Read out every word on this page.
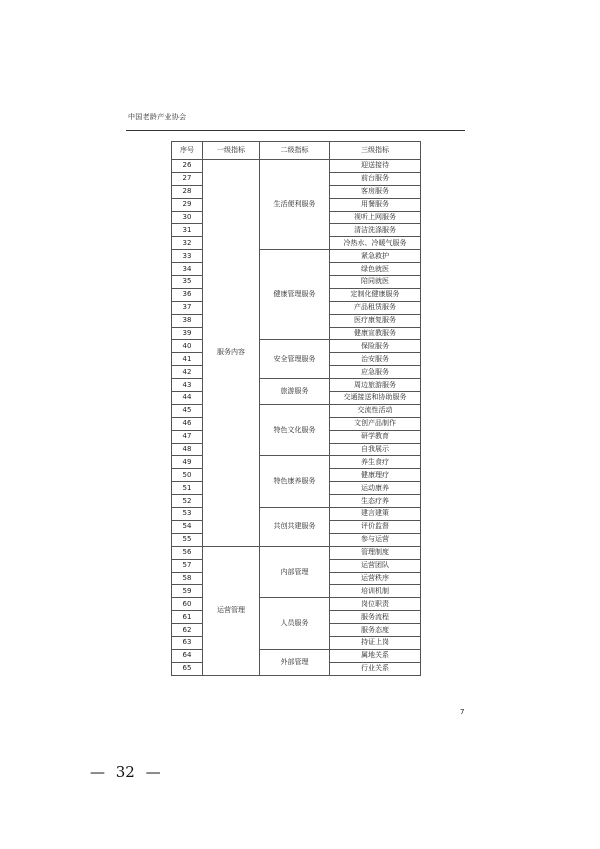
中国老龄产业协会
序号	一级指标	二级指标	三级指标
26	服务内容	生活便利服务	迎送接待
27			前台服务
28			客房服务
29			用餐服务
30			视听上网服务
31			清洁洗涤服务
32			冷热水、冷暖气服务
33		健康管理服务	紧急救护
34			绿色就医
35			陪同就医
36			定制化健康服务
37			产品租赁服务
38			医疗康复服务
39			健康宣教服务
40		安全管理服务	保险服务
41			治安服务
42			应急服务
43		旅游服务	周边旅游服务
44			交通接送和协助服务
45		特色文化服务	交流性活动
46			文创产品制作
47			研学教育
48			自我展示
49		特色康养服务	养生食疗
50			健康理疗
51			运动康养
52			生态疗养
53		共创共建服务	建言建策
54			评价监督
55			参与运营
56	运营管理	内部管理	管理制度
57			运营团队
58			运营秩序
59			培训机制
60		人员服务	岗位职责
61			服务流程
62			服务态度
63			持证上岗
64		外部管理	属地关系
65			行业关系
7
— 32 —
